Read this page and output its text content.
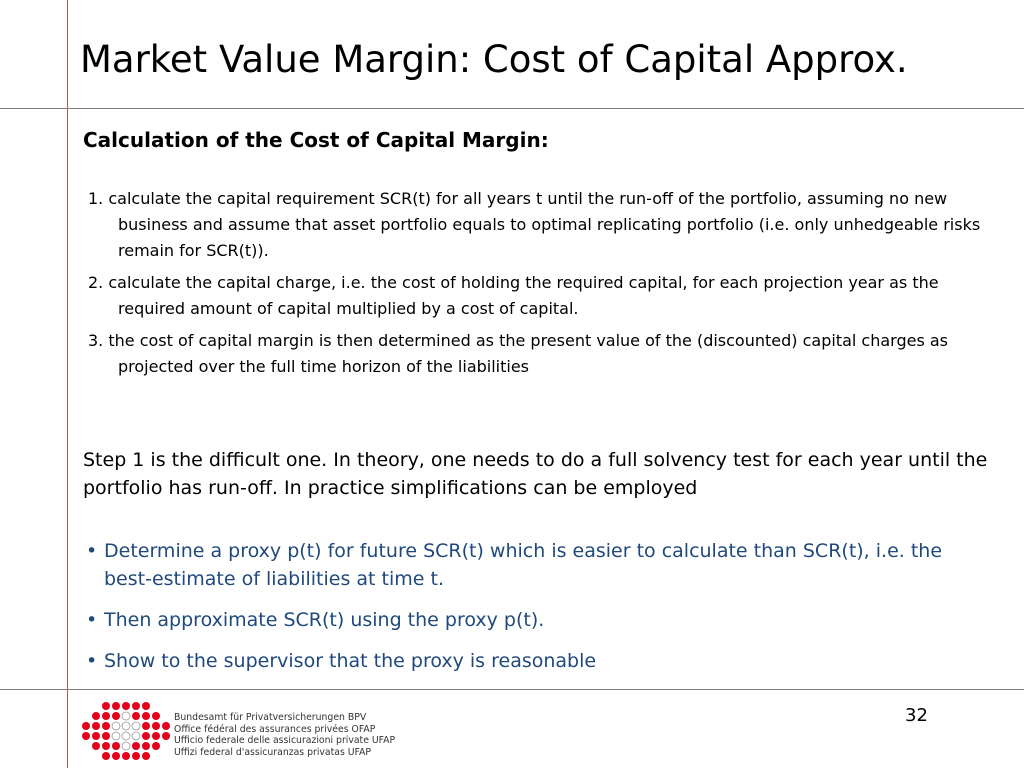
Market Value Margin: Cost of Capital Approx.
Calculation of the Cost of Capital Margin:
1. calculate the capital requirement SCR(t) for all years t until the run-off of the portfolio, assuming no new business and assume that asset portfolio equals to optimal replicating portfolio (i.e. only unhedgeable risks remain for SCR(t)).
2. calculate the capital charge, i.e. the cost of holding the required capital, for each projection year as the required amount of capital multiplied by a cost of capital.
3. the cost of capital margin is then determined as the present value of the (discounted) capital charges as projected over the full time horizon of the liabilities
Step 1 is the difficult one. In theory, one needs to do a full solvency test for each year until the portfolio has run-off. In practice simplifications can be employed
• Determine a proxy p(t) for future SCR(t) which is easier to calculate than SCR(t), i.e. the best-estimate of liabilities at time t.
• Then approximate SCR(t) using the proxy p(t).
• Show to the supervisor that the proxy is reasonable
32
Bundesamt für Privatversicherungen BPV
Office fédéral des assurances privées OFAP
Ufficio federale delle assicurazioni private UFAP
Uffizi federal d'assicuranzas privatas UFAP
